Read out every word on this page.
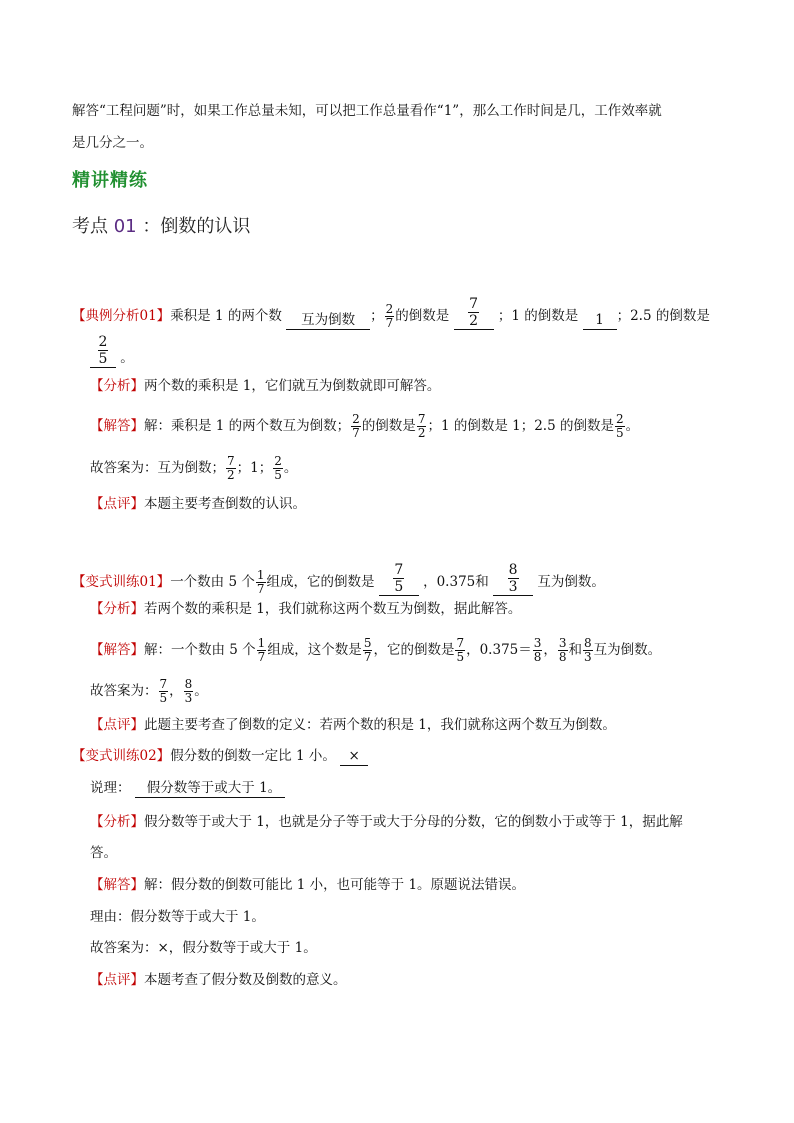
解答“工程问题”时，如果工作总量未知，可以把工作总量看作“1”，那么工作时间是几，工作效率就
是几分之一。
精讲精练
考点 01 ：倒数的认识
【典例分析01】乘积是 1 的两个数 互为倒数 ； $\frac{2}{7}$ 的倒数是 $\frac{7}{2}$ ；1 的倒数是 1 ；2.5 的倒数是
$\frac{2}{5}$ 。
【分析】两个数的乘积是 1，它们就互为倒数就即可解答。
【解答】解：乘积是 1 的两个数互为倒数； $\frac{2}{7}$ 的倒数是 $\frac{7}{2}$ ；1 的倒数是 1；2.5 的倒数是 $\frac{2}{5}$ 。
故答案为：互为倒数； $\frac{7}{2}$ ；1； $\frac{2}{5}$ 。
【点评】本题主要考查倒数的认识。
【变式训练01】一个数由 5 个 $\frac{1}{7}$ 组成，它的倒数是 $\frac{7}{5}$ ，0.375和 $\frac{8}{3}$ 互为倒数。
【分析】若两个数的乘积是 1，我们就称这两个数互为倒数，据此解答。
【解答】解：一个数由 5 个 $\frac{1}{7}$ 组成，这个数是 $\frac{5}{7}$ ，它的倒数是 $\frac{7}{5}$ ，$0.375= \frac{3}{8}$ ， $\frac{3}{8}$ 和 $\frac{8}{3}$ 互为倒数。
故答案为： $\frac{7}{5}$ ， $\frac{8}{3}$ 。
【点评】此题主要考查了倒数的定义：若两个数的积是 1，我们就称这两个数互为倒数。
【变式训练02】假分数的倒数一定比 1 小。 ×
说理： 假分数等于或大于 1。
【分析】假分数等于或大于 1，也就是分子等于或大于分母的分数，它的倒数小于或等于 1，据此解
答。
【解答】解：假分数的倒数可能比 1 小，也可能等于 1。原题说法错误。
理由：假分数等于或大于 1。
故答案为：×，假分数等于或大于 1。
【点评】本题考查了假分数及倒数的意义。
